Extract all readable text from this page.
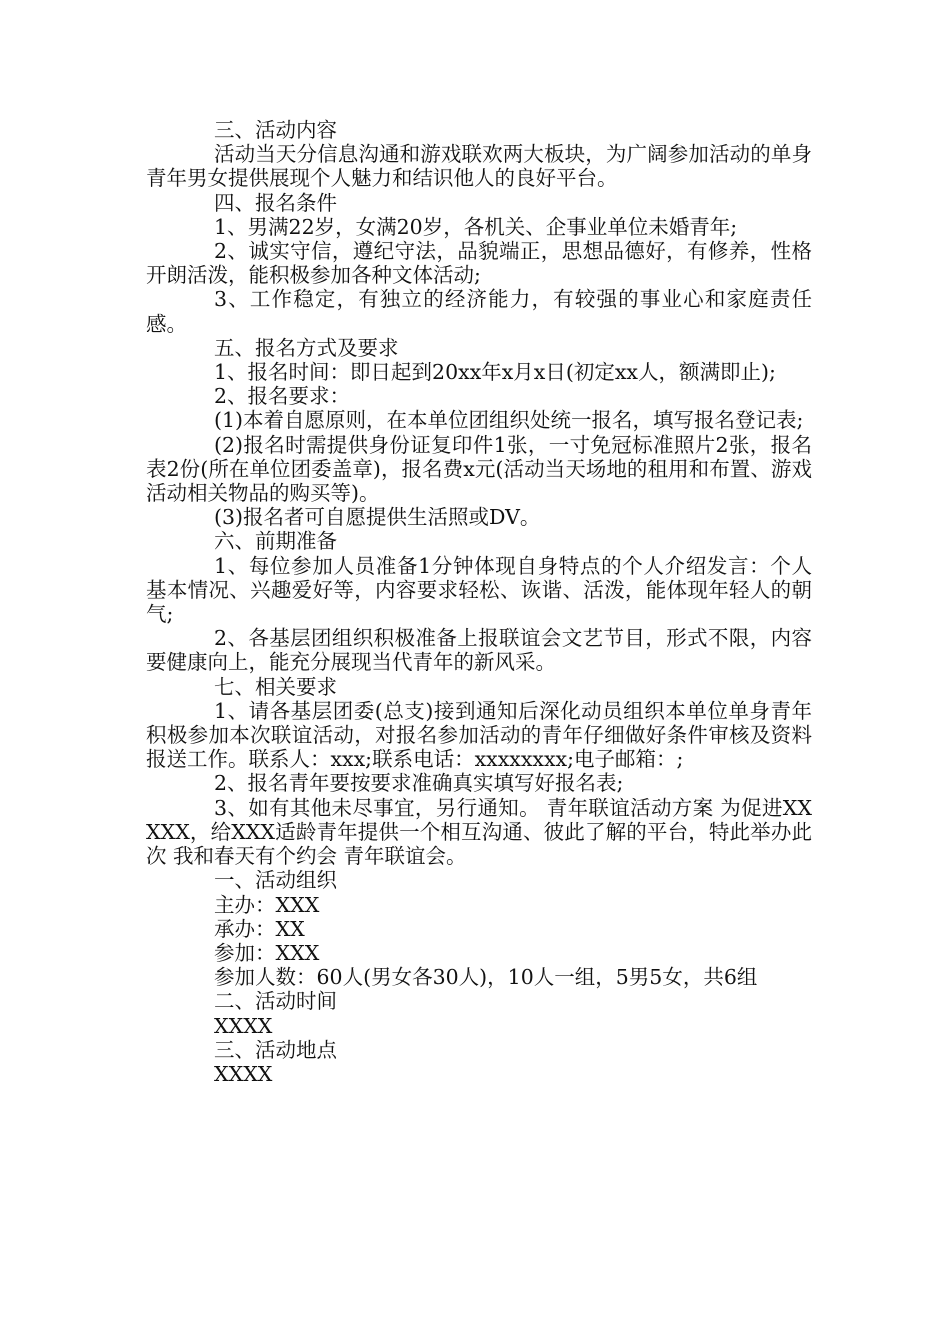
三、活动内容

活动当天分信息沟通和游戏联欢两大板块，为广阔参加活动的单身青年男女提供展现个人魅力和结识他人的良好平台。

四、报名条件

1、男满22岁，女满20岁，各机关、企事业单位未婚青年;

2、诚实守信，遵纪守法，品貌端正，思想品德好，有修养，性格开朗活泼，能积极参加各种文体活动;

3、工作稳定，有独立的经济能力，有较强的事业心和家庭责任感。

五、报名方式及要求

1、报名时间：即日起到20xx年x月x日(初定xx人，额满即止);

2、报名要求：

(1)本着自愿原则，在本单位团组织处统一报名，填写报名登记表;

(2)报名时需提供身份证复印件1张，一寸免冠标准照片2张，报名表2份(所在单位团委盖章)，报名费x元(活动当天场地的租用和布置、游戏活动相关物品的购买等)。

(3)报名者可自愿提供生活照或DV。

六、前期准备

1、每位参加人员准备1分钟体现自身特点的个人介绍发言：个人基本情况、兴趣爱好等，内容要求轻松、诙谐、活泼，能体现年轻人的朝气;

2、各基层团组织积极准备上报联谊会文艺节目，形式不限，内容要健康向上，能充分展现当代青年的新风采。

七、相关要求

1、请各基层团委(总支)接到通知后深化动员组织本单位单身青年积极参加本次联谊活动，对报名参加活动的青年仔细做好条件审核及资料报送工作。联系人：xxx;联系电话：xxxxxxxx;电子邮箱：;

2、报名青年要按要求准确真实填写好报名表;

3、如有其他未尽事宜，另行通知。 青年联谊活动方案 为促进XXXXX，给XXX适龄青年提供一个相互沟通、彼此了解的平台，特此举办此次 我和春天有个约会 青年联谊会。

一、活动组织

主办：XXX

承办：XX

参加：XXX

参加人数：60人(男女各30人)，10人一组，5男5女，共6组

二、活动时间

XXXX

三、活动地点

XXXX
